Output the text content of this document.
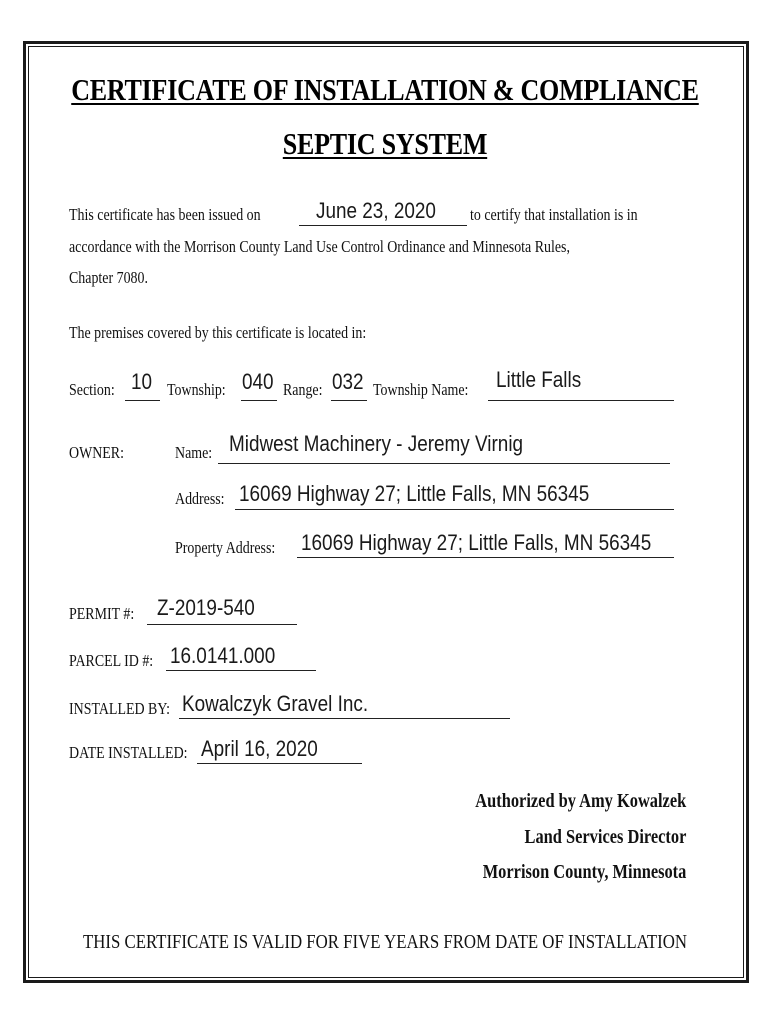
CERTIFICATE OF INSTALLATION & COMPLIANCE
SEPTIC SYSTEM
This certificate has been issued on	June 23, 2020 to certify that installation is in
accordance with the Morrison County Land Use Control Ordinance and Minnesota Rules,
Chapter 7080.
The premises covered by this certificate is located in:
Section: 10 Township: 040 Range: 032 Township Name: Little Falls
OWNER:	Name: Midwest Machinery - Jeremy Virnig
Address: 16069 Highway 27; Little Falls, MN 56345
Property Address: 16069 Highway 27; Little Falls, MN 56345
PERMIT #: Z-2019-540
PARCEL ID #: 16.0141.000
INSTALLED BY: Kowalczyk Gravel Inc.
DATE INSTALLED: April 16, 2020
Authorized by Amy Kowalzek
Land Services Director
Morrison County, Minnesota
THIS CERTIFICATE IS VALID FOR FIVE YEARS FROM DATE OF INSTALLATION
